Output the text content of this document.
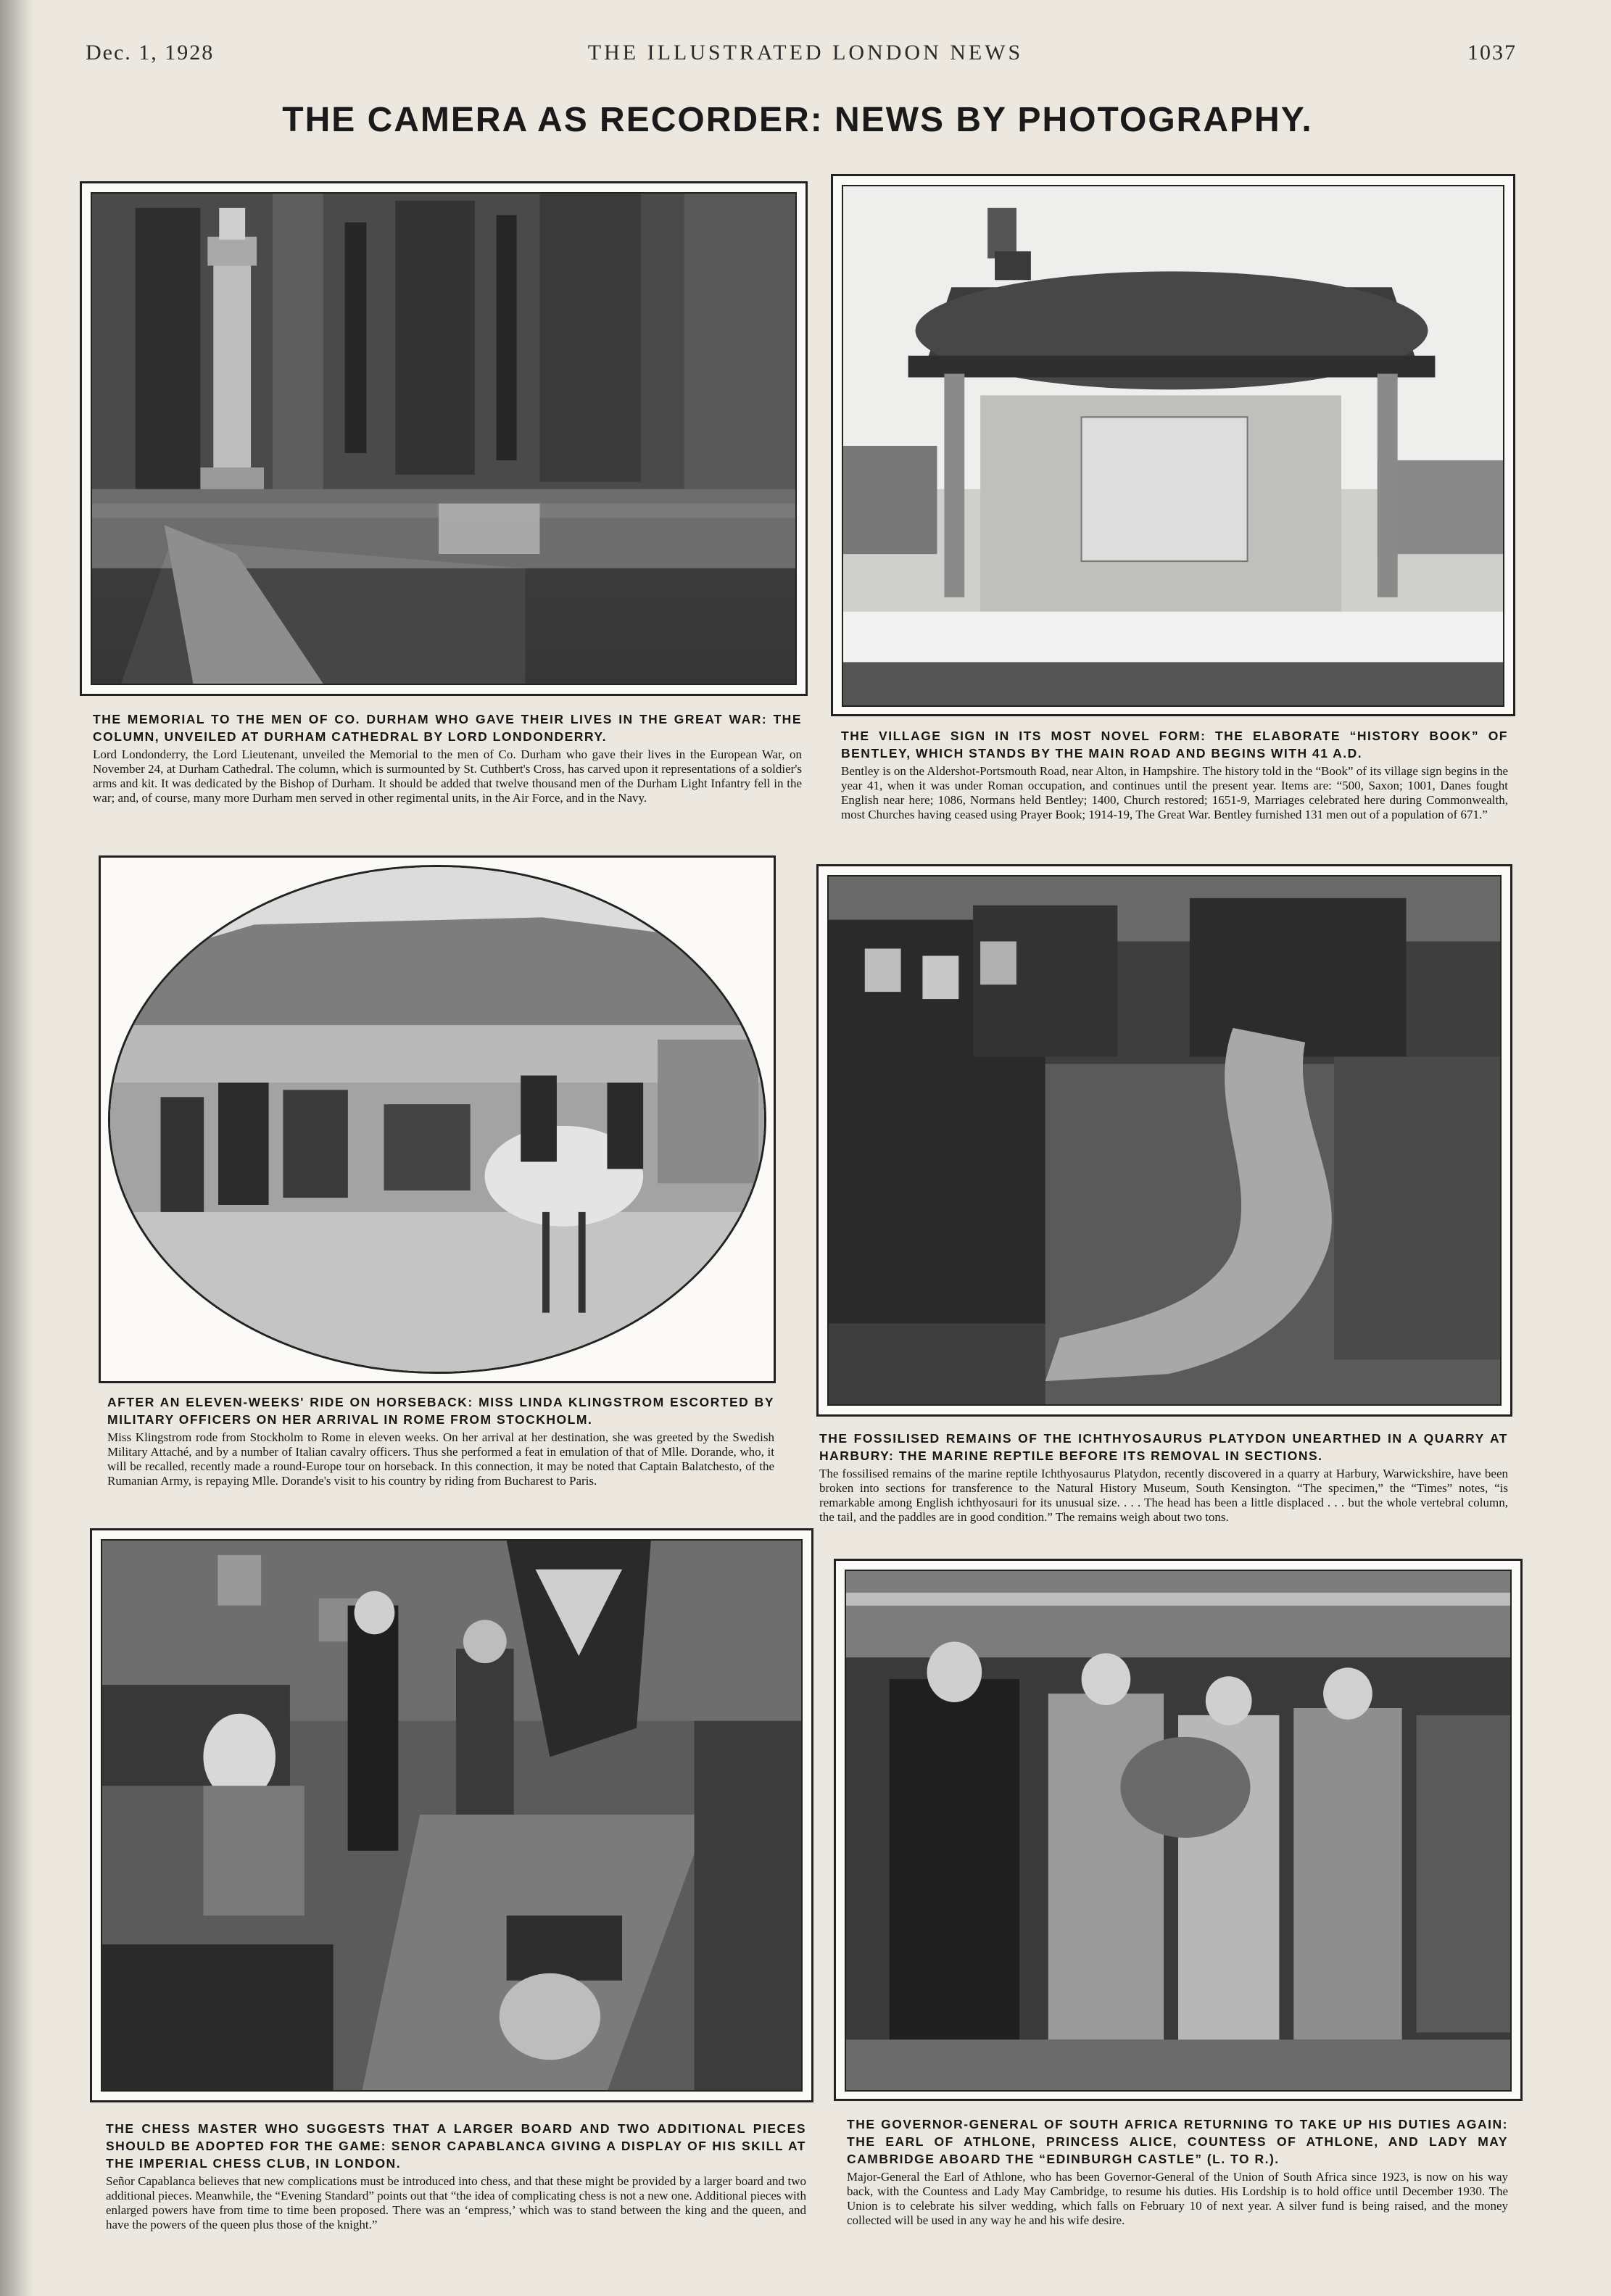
Dec. 1, 1928	THE ILLUSTRATED LONDON NEWS	1037
THE CAMERA AS RECORDER: NEWS BY PHOTOGRAPHY.

THE MEMORIAL TO THE MEN OF CO. DURHAM WHO GAVE THEIR LIVES IN THE GREAT WAR: THE COLUMN, UNVEILED AT DURHAM CATHEDRAL BY LORD LONDONDERRY.

Lord Londonderry, the Lord Lieutenant, unveiled the Memorial to the men of Co. Durham who gave their lives in the European War, on November 24, at Durham Cathedral. The column, which is surmounted by St. Cuthbert's Cross, has carved upon it representations of a soldier's arms and kit. It was dedicated by the Bishop of Durham. It should be added that twelve thousand men of the Durham Light Infantry fell in the war; and, of course, many more Durham men served in other regimental units, in the Air Force, and in the Navy.

THE VILLAGE SIGN IN ITS MOST NOVEL FORM: THE ELABORATE “HISTORY BOOK” OF BENTLEY, WHICH STANDS BY THE MAIN ROAD AND BEGINS WITH 41 A.D.

Bentley is on the Aldershot-Portsmouth Road, near Alton, in Hampshire. The history told in the “Book” of its village sign begins in the year 41, when it was under Roman occupation, and continues until the present year. Items are: “500, Saxon; 1001, Danes fought English near here; 1086, Normans held Bentley; 1400, Church restored; 1651-9, Marriages celebrated here during Commonwealth, most Churches having ceased using Prayer Book; 1914-19, The Great War. Bentley furnished 131 men out of a population of 671.”

AFTER AN ELEVEN-WEEKS' RIDE ON HORSEBACK: MISS LINDA KLINGSTROM ESCORTED BY MILITARY OFFICERS ON HER ARRIVAL IN ROME FROM STOCKHOLM.

Miss Klingstrom rode from Stockholm to Rome in eleven weeks. On her arrival at her destination, she was greeted by the Swedish Military Attaché, and by a number of Italian cavalry officers. Thus she performed a feat in emulation of that of Mlle. Dorande, who, it will be recalled, recently made a round-Europe tour on horseback. In this connection, it may be noted that Captain Balatchesto, of the Rumanian Army, is repaying Mlle. Dorande's visit to his country by riding from Bucharest to Paris.

THE FOSSILISED REMAINS OF THE ICHTHYOSAURUS PLATYDON UNEARTHED IN A QUARRY AT HARBURY: THE MARINE REPTILE BEFORE ITS REMOVAL IN SECTIONS.

The fossilised remains of the marine reptile Ichthyosaurus Platydon, recently discovered in a quarry at Harbury, Warwickshire, have been broken into sections for transference to the Natural History Museum, South Kensington. “The specimen,” the “Times” notes, “is remarkable among English ichthyosauri for its unusual size. . . . The head has been a little displaced . . . but the whole vertebral column, the tail, and the paddles are in good condition.” The remains weigh about two tons.

THE CHESS MASTER WHO SUGGESTS THAT A LARGER BOARD AND TWO ADDITIONAL PIECES SHOULD BE ADOPTED FOR THE GAME: SENOR CAPABLANCA GIVING A DISPLAY OF HIS SKILL AT THE IMPERIAL CHESS CLUB, IN LONDON.

Señor Capablanca believes that new complications must be introduced into chess, and that these might be provided by a larger board and two additional pieces. Meanwhile, the “Evening Standard” points out that “the idea of complicating chess is not a new one. Additional pieces with enlarged powers have from time to time been proposed. There was an ‘empress,’ which was to stand between the king and the queen, and have the powers of the queen plus those of the knight.”

THE GOVERNOR-GENERAL OF SOUTH AFRICA RETURNING TO TAKE UP HIS DUTIES AGAIN: THE EARL OF ATHLONE, PRINCESS ALICE, COUNTESS OF ATHLONE, AND LADY MAY CAMBRIDGE ABOARD THE “EDINBURGH CASTLE” (L. TO R.).

Major-General the Earl of Athlone, who has been Governor-General of the Union of South Africa since 1923, is now on his way back, with the Countess and Lady May Cambridge, to resume his duties. His Lordship is to hold office until December 1930. The Union is to celebrate his silver wedding, which falls on February 10 of next year. A silver fund is being raised, and the money collected will be used in any way he and his wife desire.
